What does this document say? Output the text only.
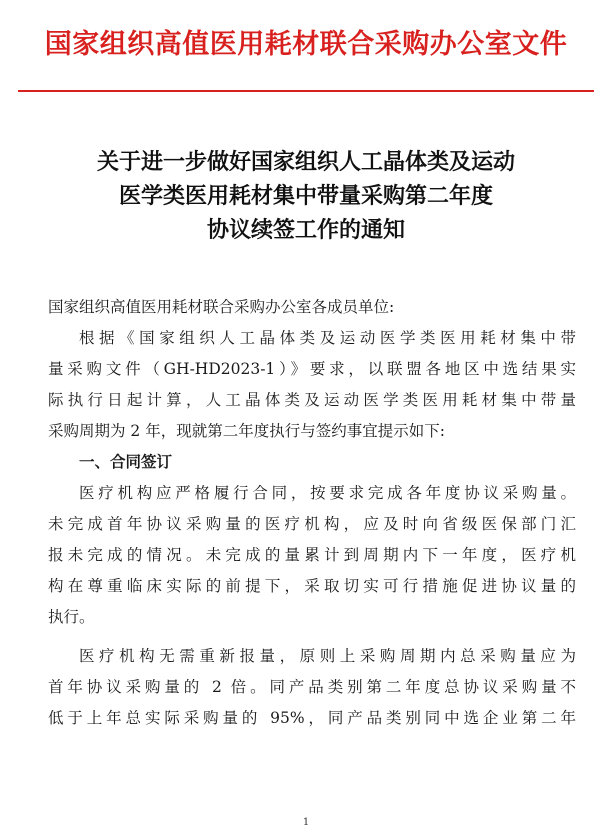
国家组织高值医用耗材联合采购办公室文件
关于进一步做好国家组织人工晶体类及运动
医学类医用耗材集中带量采购第二年度
协议续签工作的通知
国家组织高值医用耗材联合采购办公室各成员单位:
根据《国家组织人工晶体类及运动医学类医用耗材集中带
量采购文件（GH-HD2023-1）》要求，以联盟各地区中选结果实
际执行日起计算，人工晶体类及运动医学类医用耗材集中带量
采购周期为 2 年，现就第二年度执行与签约事宜提示如下:
一、合同签订
医疗机构应严格履行合同，按要求完成各年度协议采购量。
未完成首年协议采购量的医疗机构，应及时向省级医保部门汇
报未完成的情况。未完成的量累计到周期内下一年度，医疗机
构在尊重临床实际的前提下，采取切实可行措施促进协议量的
执行。
医疗机构无需重新报量，原则上采购周期内总采购量应为
首年协议采购量的 2 倍。同产品类别第二年度总协议采购量不
低于上年总实际采购量的 95%，同产品类别同中选企业第二年
1
